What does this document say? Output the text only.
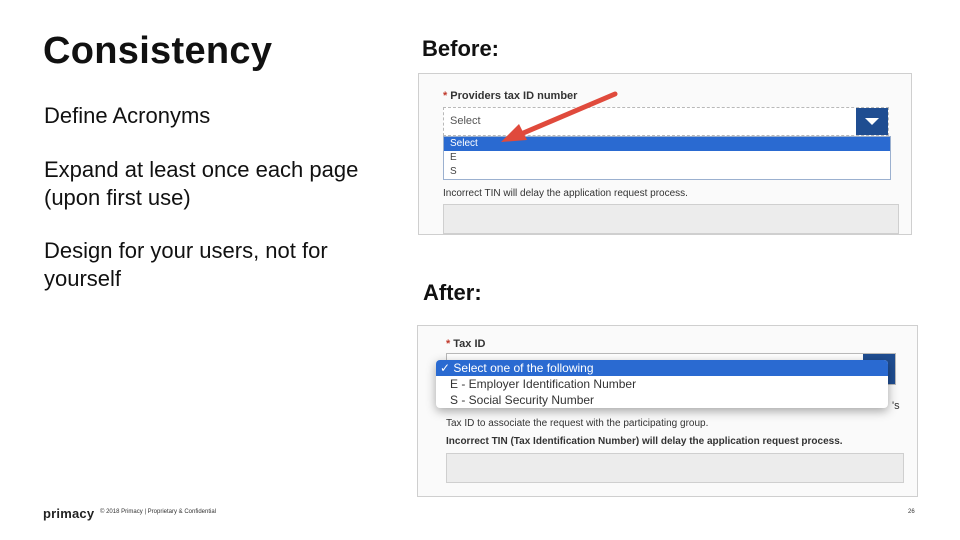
Consistency
Define Acronyms
Expand at least once each page (upon first use)
Design for your users, not for yourself
Before:
* Providers tax ID number
Select
Select
E
S
Incorrect TIN will delay the application request process.
After:
* Tax ID
's
✓ Select one of the following
E - Employer Identification Number
S - Social Security Number
Tax ID to associate the request with the participating group.
Incorrect TIN (Tax Identification Number) will delay the application request process.
primacy © 2018 Primacy | Proprietary & Confidential	26
